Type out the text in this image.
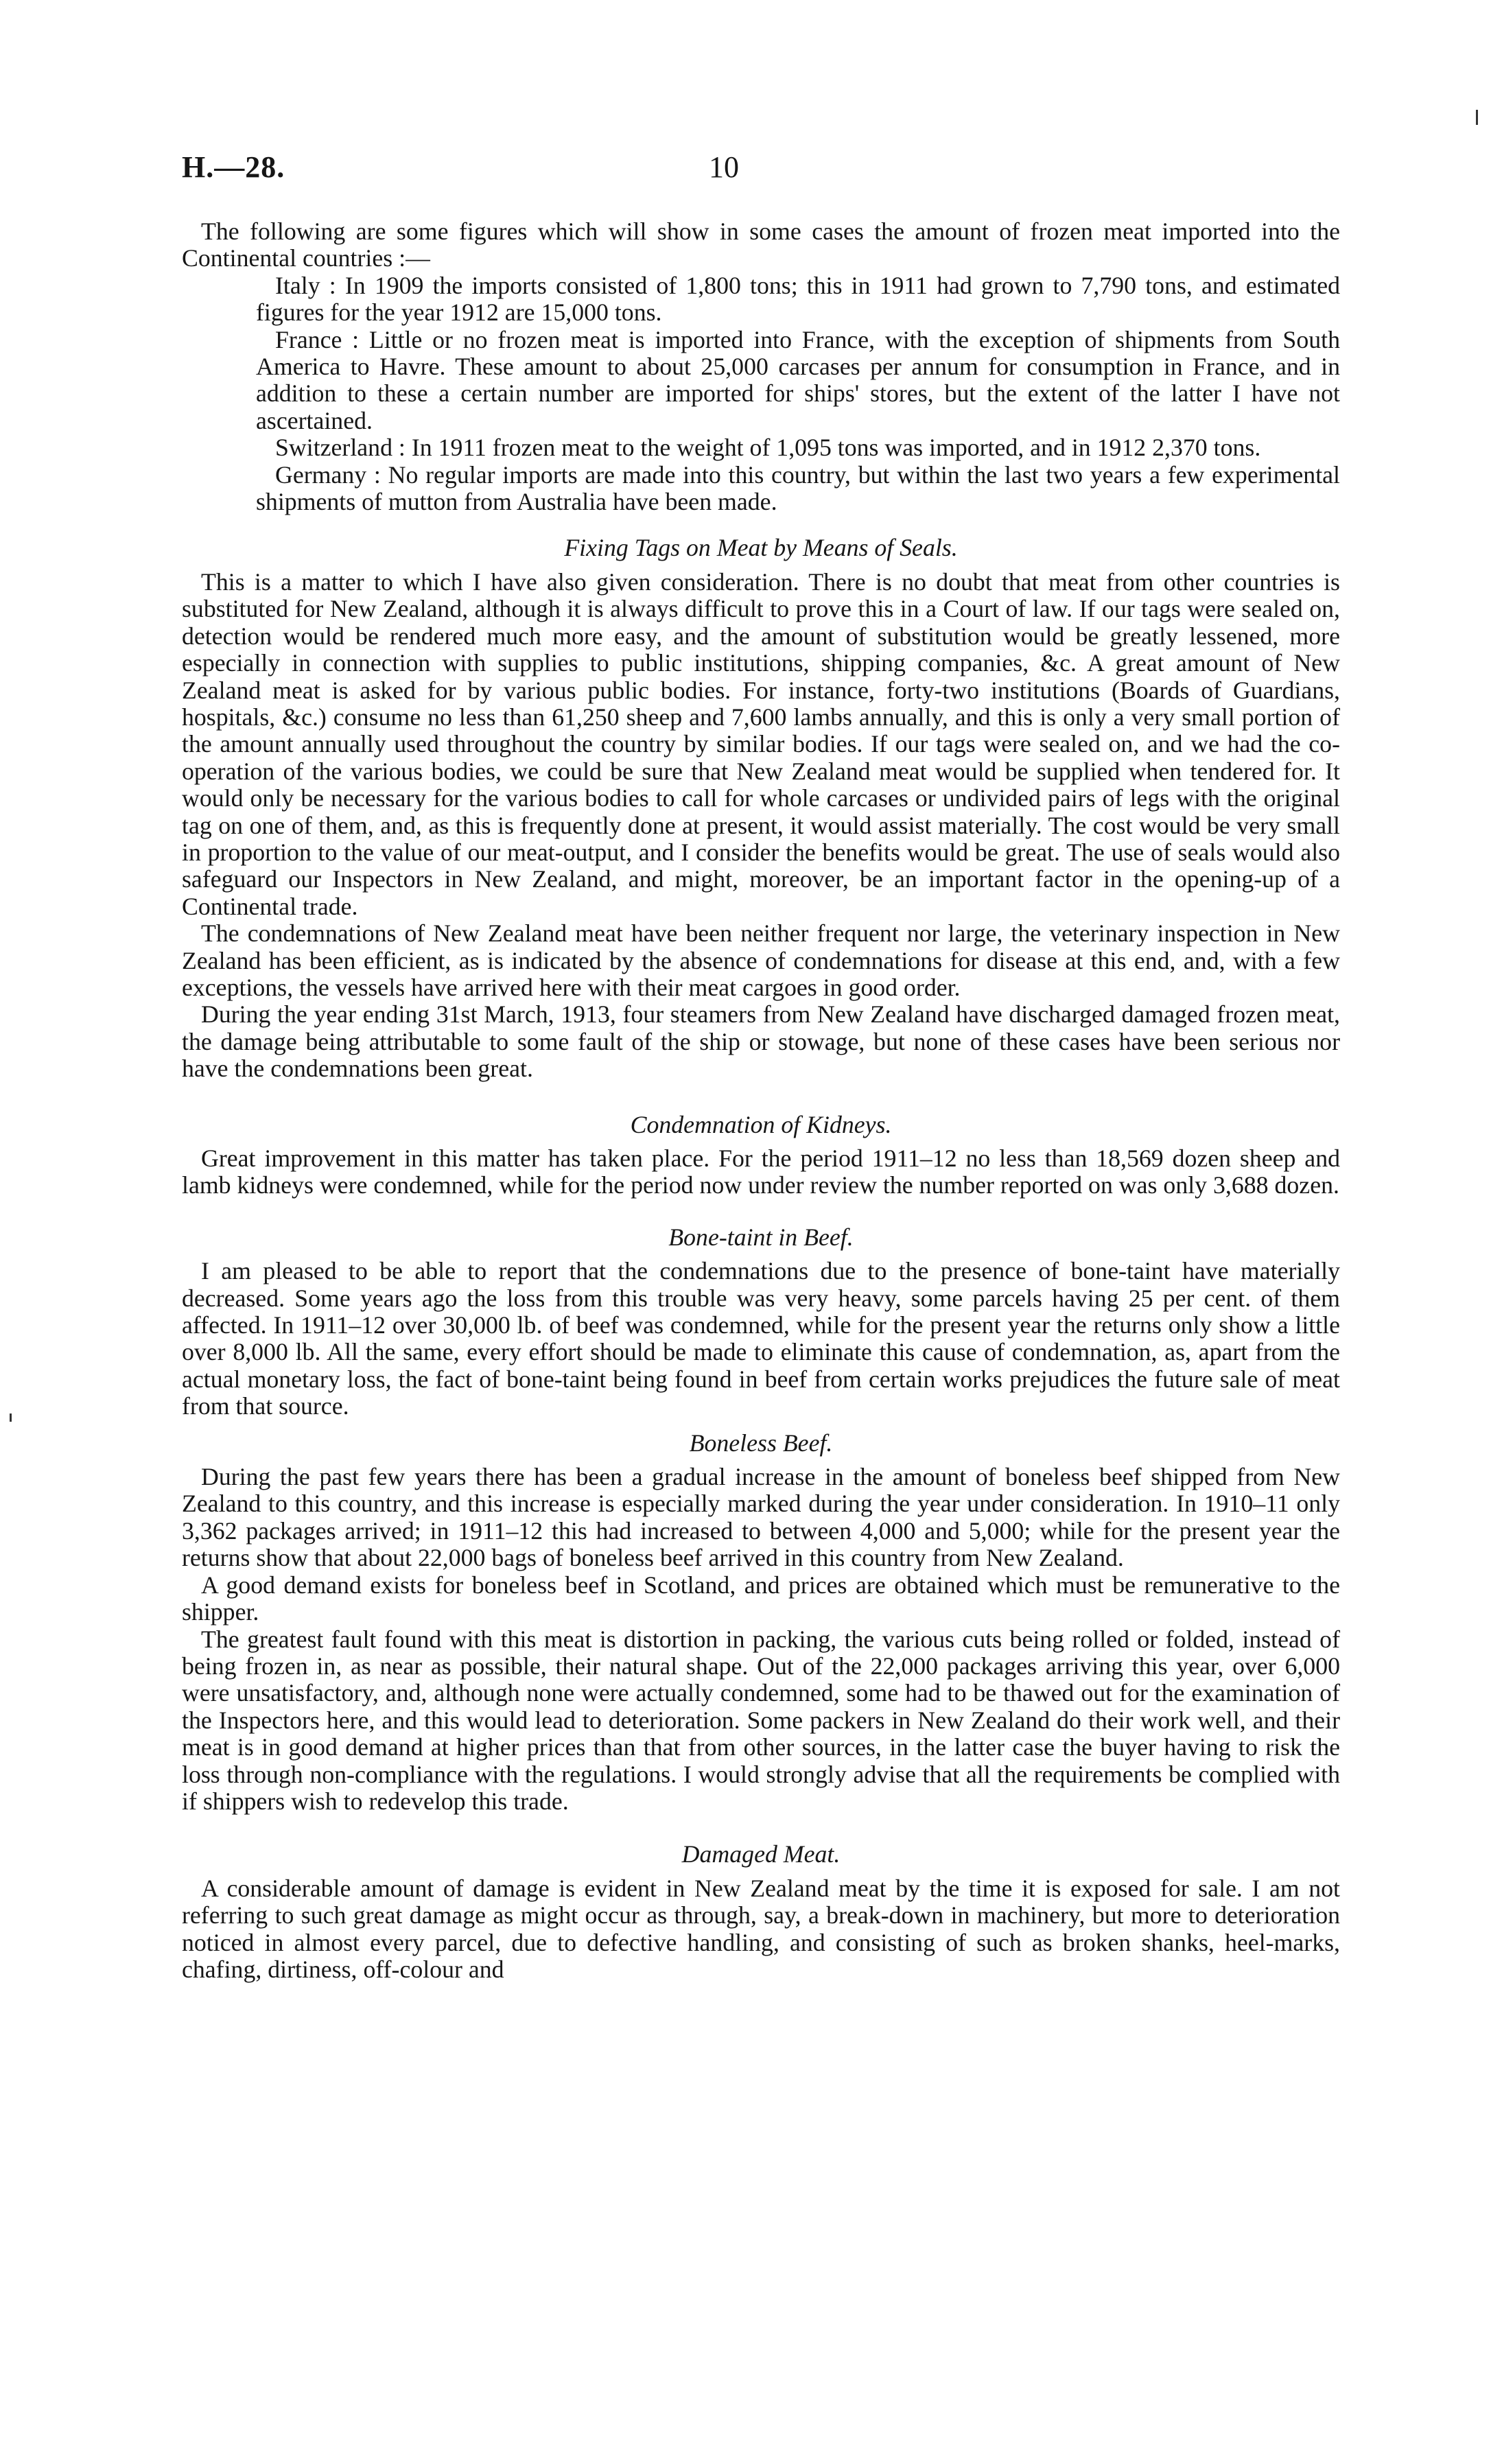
H.—28.	10

The following are some figures which will show in some cases the amount of frozen meat imported into the Continental countries :—

Italy : In 1909 the imports consisted of 1,800 tons; this in 1911 had grown to 7,790 tons, and estimated figures for the year 1912 are 15,000 tons.

France : Little or no frozen meat is imported into France, with the exception of shipments from South America to Havre. These amount to about 25,000 carcases per annum for consumption in France, and in addition to these a certain number are imported for ships' stores, but the extent of the latter I have not ascertained.

Switzerland : In 1911 frozen meat to the weight of 1,095 tons was imported, and in 1912 2,370 tons.

Germany : No regular imports are made into this country, but within the last two years a few experimental shipments of mutton from Australia have been made.

Fixing Tags on Meat by Means of Seals.

This is a matter to which I have also given consideration. There is no doubt that meat from other countries is substituted for New Zealand, although it is always difficult to prove this in a Court of law. If our tags were sealed on, detection would be rendered much more easy, and the amount of substitution would be greatly lessened, more especially in connection with supplies to public institutions, shipping companies, &c. A great amount of New Zealand meat is asked for by various public bodies. For instance, forty-two institutions (Boards of Guardians, hospitals, &c.) consume no less than 61,250 sheep and 7,600 lambs annually, and this is only a very small portion of the amount annually used throughout the country by similar bodies. If our tags were sealed on, and we had the co-operation of the various bodies, we could be sure that New Zealand meat would be supplied when tendered for. It would only be necessary for the various bodies to call for whole carcases or undivided pairs of legs with the original tag on one of them, and, as this is frequently done at present, it would assist materially. The cost would be very small in proportion to the value of our meat-output, and I consider the benefits would be great. The use of seals would also safeguard our Inspectors in New Zealand, and might, moreover, be an important factor in the opening-up of a Continental trade.

The condemnations of New Zealand meat have been neither frequent nor large, the veterinary inspection in New Zealand has been efficient, as is indicated by the absence of condemnations for disease at this end, and, with a few exceptions, the vessels have arrived here with their meat cargoes in good order.

During the year ending 31st March, 1913, four steamers from New Zealand have discharged damaged frozen meat, the damage being attributable to some fault of the ship or stowage, but none of these cases have been serious nor have the condemnations been great.

Condemnation of Kidneys.

Great improvement in this matter has taken place. For the period 1911–12 no less than 18,569 dozen sheep and lamb kidneys were condemned, while for the period now under review the number reported on was only 3,688 dozen.

Bone-taint in Beef.

I am pleased to be able to report that the condemnations due to the presence of bone-taint have materially decreased. Some years ago the loss from this trouble was very heavy, some parcels having 25 per cent. of them affected. In 1911–12 over 30,000 lb. of beef was condemned, while for the present year the returns only show a little over 8,000 lb. All the same, every effort should be made to eliminate this cause of condemnation, as, apart from the actual monetary loss, the fact of bone-taint being found in beef from certain works prejudices the future sale of meat from that source.

Boneless Beef.

During the past few years there has been a gradual increase in the amount of boneless beef shipped from New Zealand to this country, and this increase is especially marked during the year under consideration. In 1910–11 only 3,362 packages arrived; in 1911–12 this had increased to between 4,000 and 5,000; while for the present year the returns show that about 22,000 bags of boneless beef arrived in this country from New Zealand.

A good demand exists for boneless beef in Scotland, and prices are obtained which must be remunerative to the shipper.

The greatest fault found with this meat is distortion in packing, the various cuts being rolled or folded, instead of being frozen in, as near as possible, their natural shape. Out of the 22,000 packages arriving this year, over 6,000 were unsatisfactory, and, although none were actually condemned, some had to be thawed out for the examination of the Inspectors here, and this would lead to deterioration. Some packers in New Zealand do their work well, and their meat is in good demand at higher prices than that from other sources, in the latter case the buyer having to risk the loss through non-compliance with the regulations. I would strongly advise that all the requirements be complied with if shippers wish to redevelop this trade.

Damaged Meat.

A considerable amount of damage is evident in New Zealand meat by the time it is exposed for sale. I am not referring to such great damage as might occur as through, say, a break-down in machinery, but more to deterioration noticed in almost every parcel, due to defective handling, and consisting of such as broken shanks, heel-marks, chafing, dirtiness, off-colour and
